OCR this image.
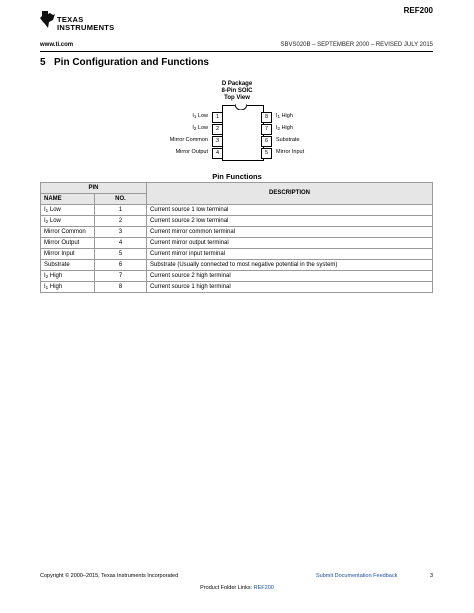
TEXAS
INSTRUMENTS
REF200
www.ti.com	SBVS020B – SEPTEMBER 2000 – REVISED JULY 2015
5 Pin Configuration and Functions
D Package
8-Pin SOIC
Top View
1
$I_1$ Low
2
$I_2$ Low
3
Mirror Common
4
Mirror Output
8	$I_1$ High
7	$I_2$ High
6	Substrate
5	Mirror Input
Pin Functions
PIN		DESCRIPTION
NAME	NO.	
$I_1$ Low	1	Current source 1 low terminal
$I_2$ Low	2	Current source 2 low terminal
Mirror Common	3	Current mirror common terminal
Mirror Output	4	Current mirror output terminal
Mirror Input	5	Current mirror input terminal
Substrate	6	Substrate (Usually connected to most negative potential in the system)
$I_2$ High	7	Current source 2 high terminal
$I_1$ High	8	Current source 1 high terminal
Copyright © 2000–2015, Texas Instruments Incorporated	Submit Documentation Feedback	3
Product Folder Links: REF200
